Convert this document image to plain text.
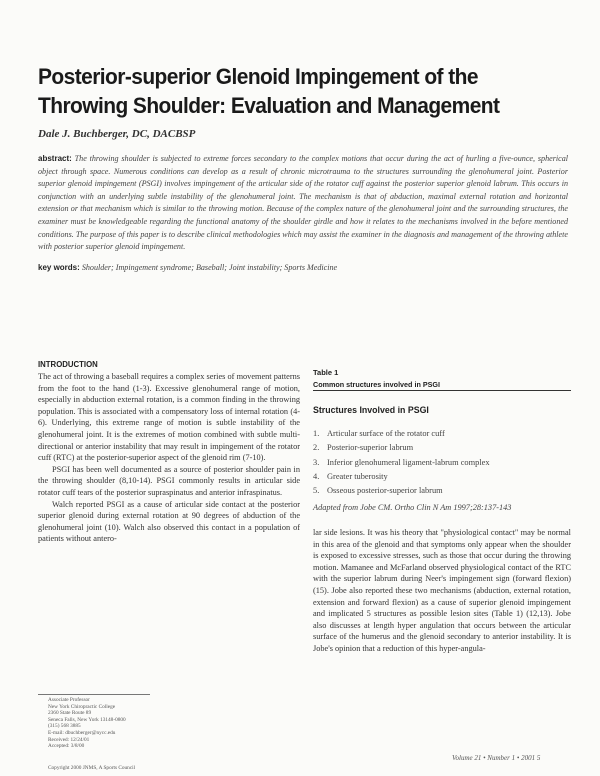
Posterior-superior Glenoid Impingement of the Throwing Shoulder: Evaluation and Management
Dale J. Buchberger, DC, DACBSP
abstract: The throwing shoulder is subjected to extreme forces secondary to the complex motions that occur during the act of hurling a five-ounce, spherical object through space. Numerous conditions can develop as a result of chronic microtrauma to the structures surrounding the glenohumeral joint. Posterior superior glenoid impingement (PSGI) involves impingement of the articular side of the rotator cuff against the posterior superior glenoid labrum. This occurs in conjunction with an underlying subtle instability of the glenohumeral joint. The mechanism is that of abduction, maximal external rotation and horizontal extension or that mechanism which is similar to the throwing motion. Because of the complex nature of the glenohumeral joint and the surrounding structures, the examiner must be knowledgeable regarding the functional anatomy of the shoulder girdle and how it relates to the mechanisms involved in the before mentioned conditions. The purpose of this paper is to describe clinical methodologies which may assist the examiner in the diagnosis and management of the throwing athlete with posterior superior glenoid impingement.
key words: Shoulder; Impingement syndrome; Baseball; Joint instability; Sports Medicine
INTRODUCTION

The act of throwing a baseball requires a complex series of movement patterns from the foot to the hand (1-3). Excessive glenohumeral range of motion, especially in abduction external rotation, is a common finding in the throwing population. This is associated with a compensatory loss of internal rotation (4-6). Underlying, this extreme range of motion is subtle instability of the glenohumeral joint. It is the extremes of motion combined with subtle multi-directional or anterior instability that may result in impingement of the rotator cuff (RTC) at the posterior-superior aspect of the glenoid rim (7-10).

PSGI has been well documented as a source of posterior shoulder pain in the throwing shoulder (8,10-14). PSGI commonly results in articular side rotator cuff tears of the posterior supraspinatus and anterior infraspinatus.

Walch reported PSGI as a cause of articular side contact at the posterior superior glenoid during external rotation at 90 degrees of abduction of the glenohumeral joint (10). Walch also observed this contact in a population of patients without antero-

Associate Professor
New York Chiropractic College
2360 State Route 89
Seneca Falls, New York 13148-0800
(315) 568 3885
E-mail: dbuchberger@nycc.edu
Received: 12/24/01
Accepted: 3/8/00
Copyright 2000 JNMS, A Sports Council
Table 1
Common structures involved in PSGI
Structures Involved in PSGI
1. Articular surface of the rotator cuff
2. Posterior-superior labrum
3. Inferior glenohumeral ligament-labrum complex
4. Greater tuberosity
5. Osseous posterior-superior labrum
Adapted from Jobe CM. Ortho Clin N Am 1997;28:137-143
lar side lesions. It was his theory that "physiological contact" may be normal in this area of the glenoid and that symptoms only appear when the shoulder is exposed to excessive stresses, such as those that occur during the throwing motion. Mamanee and McFarland observed physiological contact of the RTC with the superior labrum during Neer's impingement sign (forward flexion) (15). Jobe also reported these two mechanisms (abduction, external rotation, extension and forward flexion) as a cause of superior glenoid impingement and implicated 5 structures as possible lesion sites (Table 1) (12,13). Jobe also discusses at length hyper angulation that occurs between the articular surface of the humerus and the glenoid secondary to anterior instability. It is Jobe's opinion that a reduction of this hyper-angula-
Volume 21 • Number 1 • 2001 5
